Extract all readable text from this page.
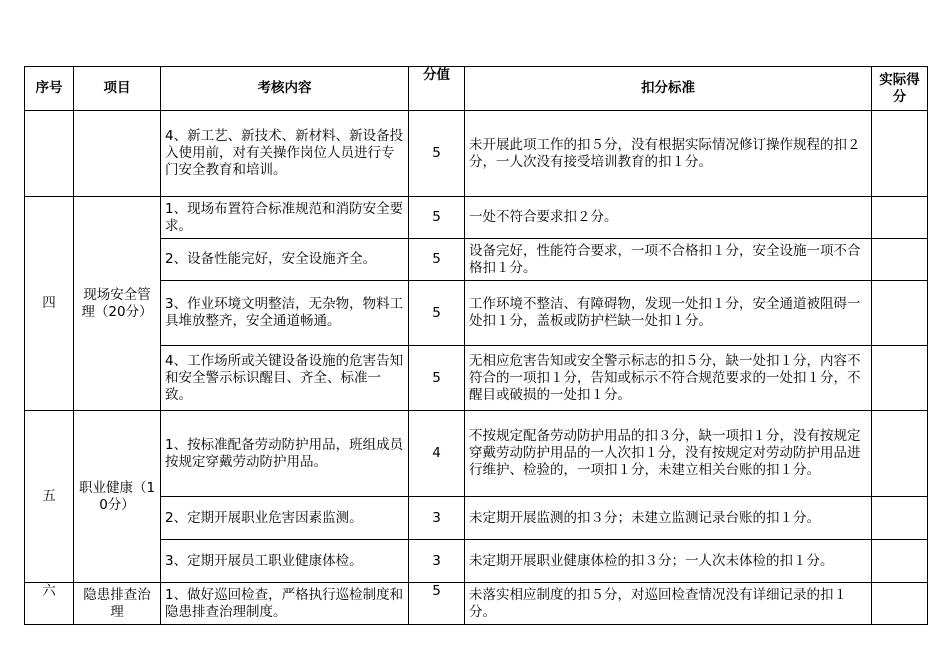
序号	项目	考核内容	分值	扣分标准	实际得分
		4、新工艺、新技术、新材料、新设备投入使用前，对有关操作岗位人员进行专门安全教育和培训。	5	未开展此项工作的扣５分，没有根据实际情况修订操作规程的扣２分，一人次没有接受培训教育的扣１分。	
四	现场安全管理（20分）	1、现场布置符合标准规范和消防安全要求。	5	一处不符合要求扣２分。	
		2、设备性能完好，安全设施齐全。	5	设备完好，性能符合要求，一项不合格扣１分，安全设施一项不合格扣１分。	
		3、作业环境文明整洁，无杂物，物料工具堆放整齐，安全通道畅通。	5	工作环境不整洁、有障碍物，发现一处扣１分，安全通道被阻碍一处扣１分，盖板或防护栏缺一处扣１分。	
		4、工作场所或关键设备设施的危害告知和安全警示标识醒目、齐全、标准一致。	5	无相应危害告知或安全警示标志的扣５分，缺一处扣１分，内容不符合的一项扣１分，告知或标示不符合规范要求的一处扣１分，不醒目或破损的一处扣１分。	
五	职业健康（10分）	1、按标准配备劳动防护用品，班组成员按规定穿戴劳动防护用品。	4	不按规定配备劳动防护用品的扣３分，缺一项扣１分，没有按规定穿戴劳动防护用品的一人次扣１分，没有按规定对劳动防护用品进行维护、检验的，一项扣１分，未建立相关台账的扣１分。	
		2、定期开展职业危害因素监测。	3	未定期开展监测的扣３分；未建立监测记录台账的扣１分。	
		3、定期开展员工职业健康体检。	3	未定期开展职业健康体检的扣３分；一人次未体检的扣１分。	
六	隐患排查治理	1、做好巡回检查，严格执行巡检制度和隐患排查治理制度。	5	未落实相应制度的扣５分，对巡回检查情况没有详细记录的扣１分。	
